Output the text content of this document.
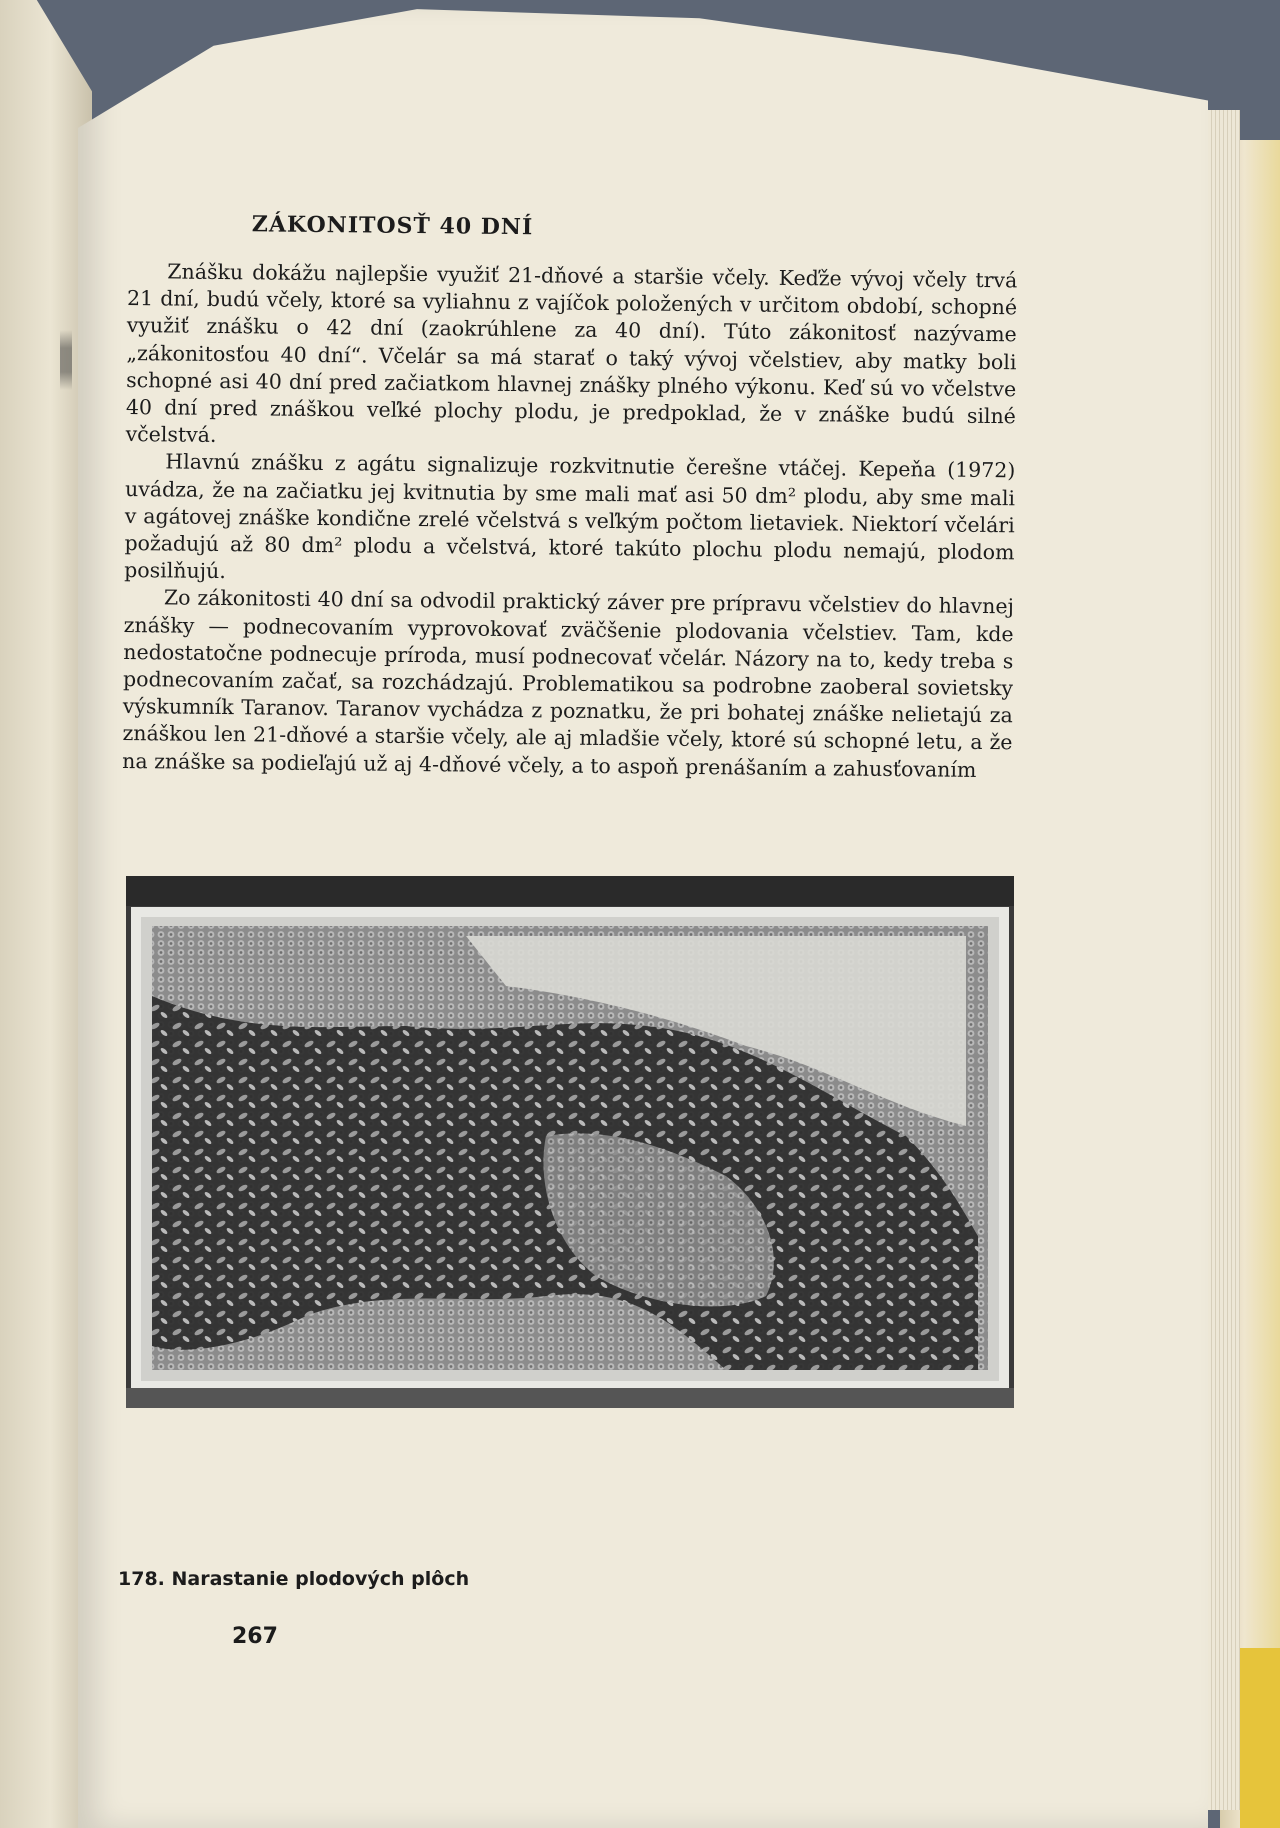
ZÁKONITOSŤ 40 DNÍ

Znášku dokážu najlepšie využiť 21-dňové a staršie včely. Keďže vývoj včely trvá 21 dní, budú včely, ktoré sa vyliahnu z vajíčok položených v určitom období, schopné využiť znášku o 42 dní (zaokrúhlene za 40 dní). Túto zákonitosť nazývame „zákonitosťou 40 dní“. Včelár sa má starať o taký vývoj včelstiev, aby matky boli schopné asi 40 dní pred začiatkom hlavnej znášky plného výkonu. Keď sú vo včelstve 40 dní pred znáškou veľké plochy plodu, je predpoklad, že v znáške budú silné včelstvá.

Hlavnú znášku z agátu signalizuje rozkvitnutie čerešne vtáčej. Kepeňa (1972) uvádza, že na začiatku jej kvitnutia by sme mali mať asi 50 dm² plodu, aby sme mali v agátovej znáške kondične zrelé včelstvá s veľkým počtom lietaviek. Niektorí včelári požadujú až 80 dm² plodu a včelstvá, ktoré takúto plochu plodu nemajú, plodom posilňujú.

Zo zákonitosti 40 dní sa odvodil praktický záver pre prípravu včelstiev do hlavnej znášky — podnecovaním vyprovokovať zväčšenie plodovania včelstiev. Tam, kde nedostatočne podnecuje príroda, musí podnecovať včelár. Názory na to, kedy treba s podnecovaním začať, sa rozchádzajú. Problematikou sa podrobne zaoberal sovietsky výskumník Taranov. Taranov vychádza z poznatku, že pri bohatej znáške nelietajú za znáškou len 21-dňové a staršie včely, ale aj mladšie včely, ktoré sú schopné letu, a že na znáške sa podieľajú už aj 4-dňové včely, a to aspoň prenášaním a zahusťovaním

178. Narastanie plodových plôch
267
